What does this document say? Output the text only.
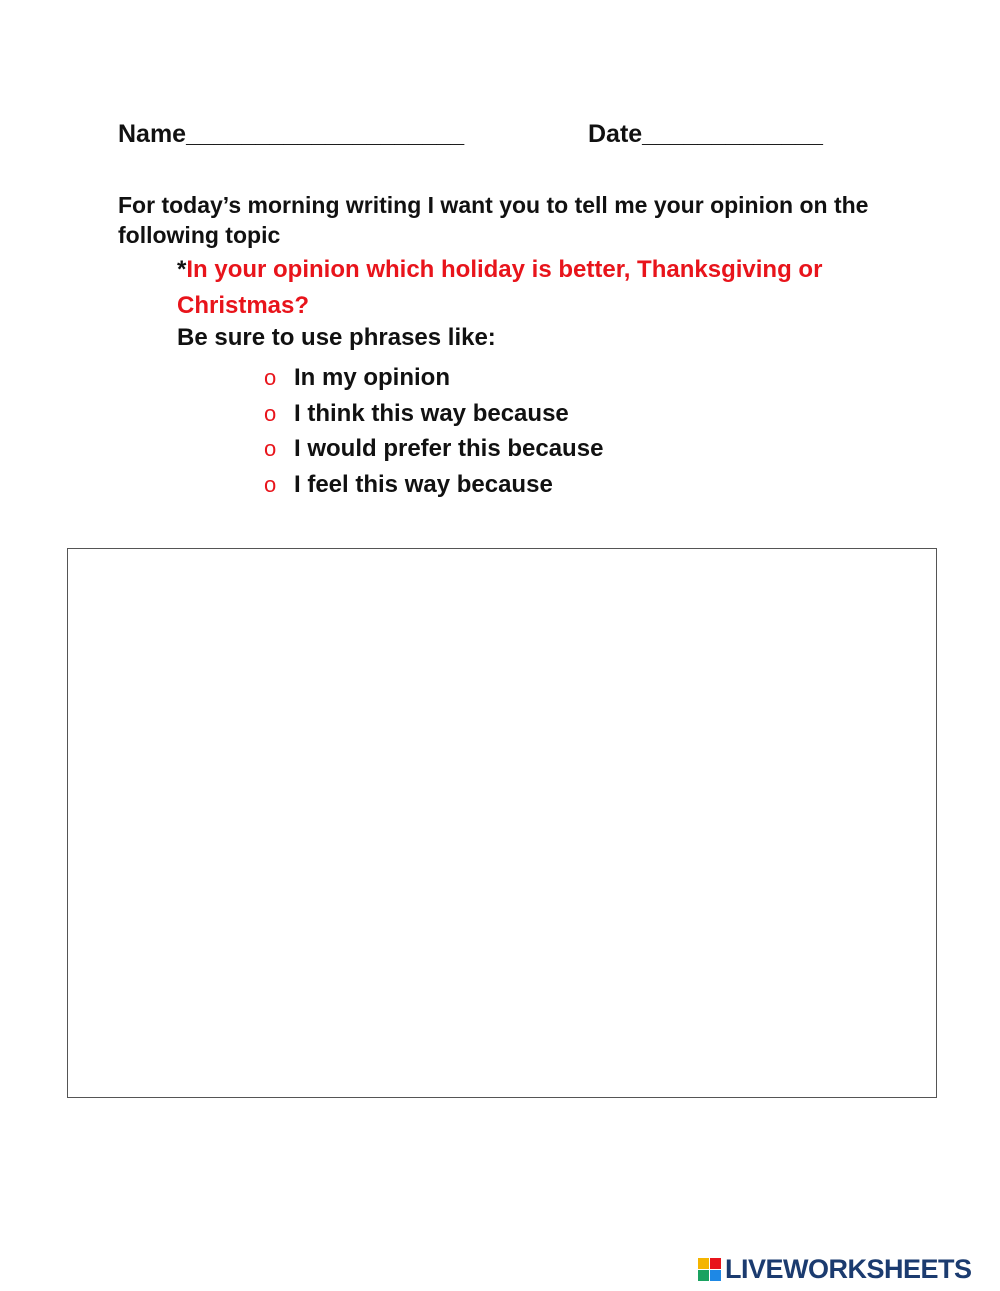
Name____________________	Date_____________
For today’s morning writing I want you to tell me your opinion on the following topic
*In your opinion which holiday is better, Thanksgiving or Christmas?
Be sure to use phrases like:
o In my opinion
o I think this way because
o I would prefer this because
o I feel this way because
LIVEWORKSHEETS
